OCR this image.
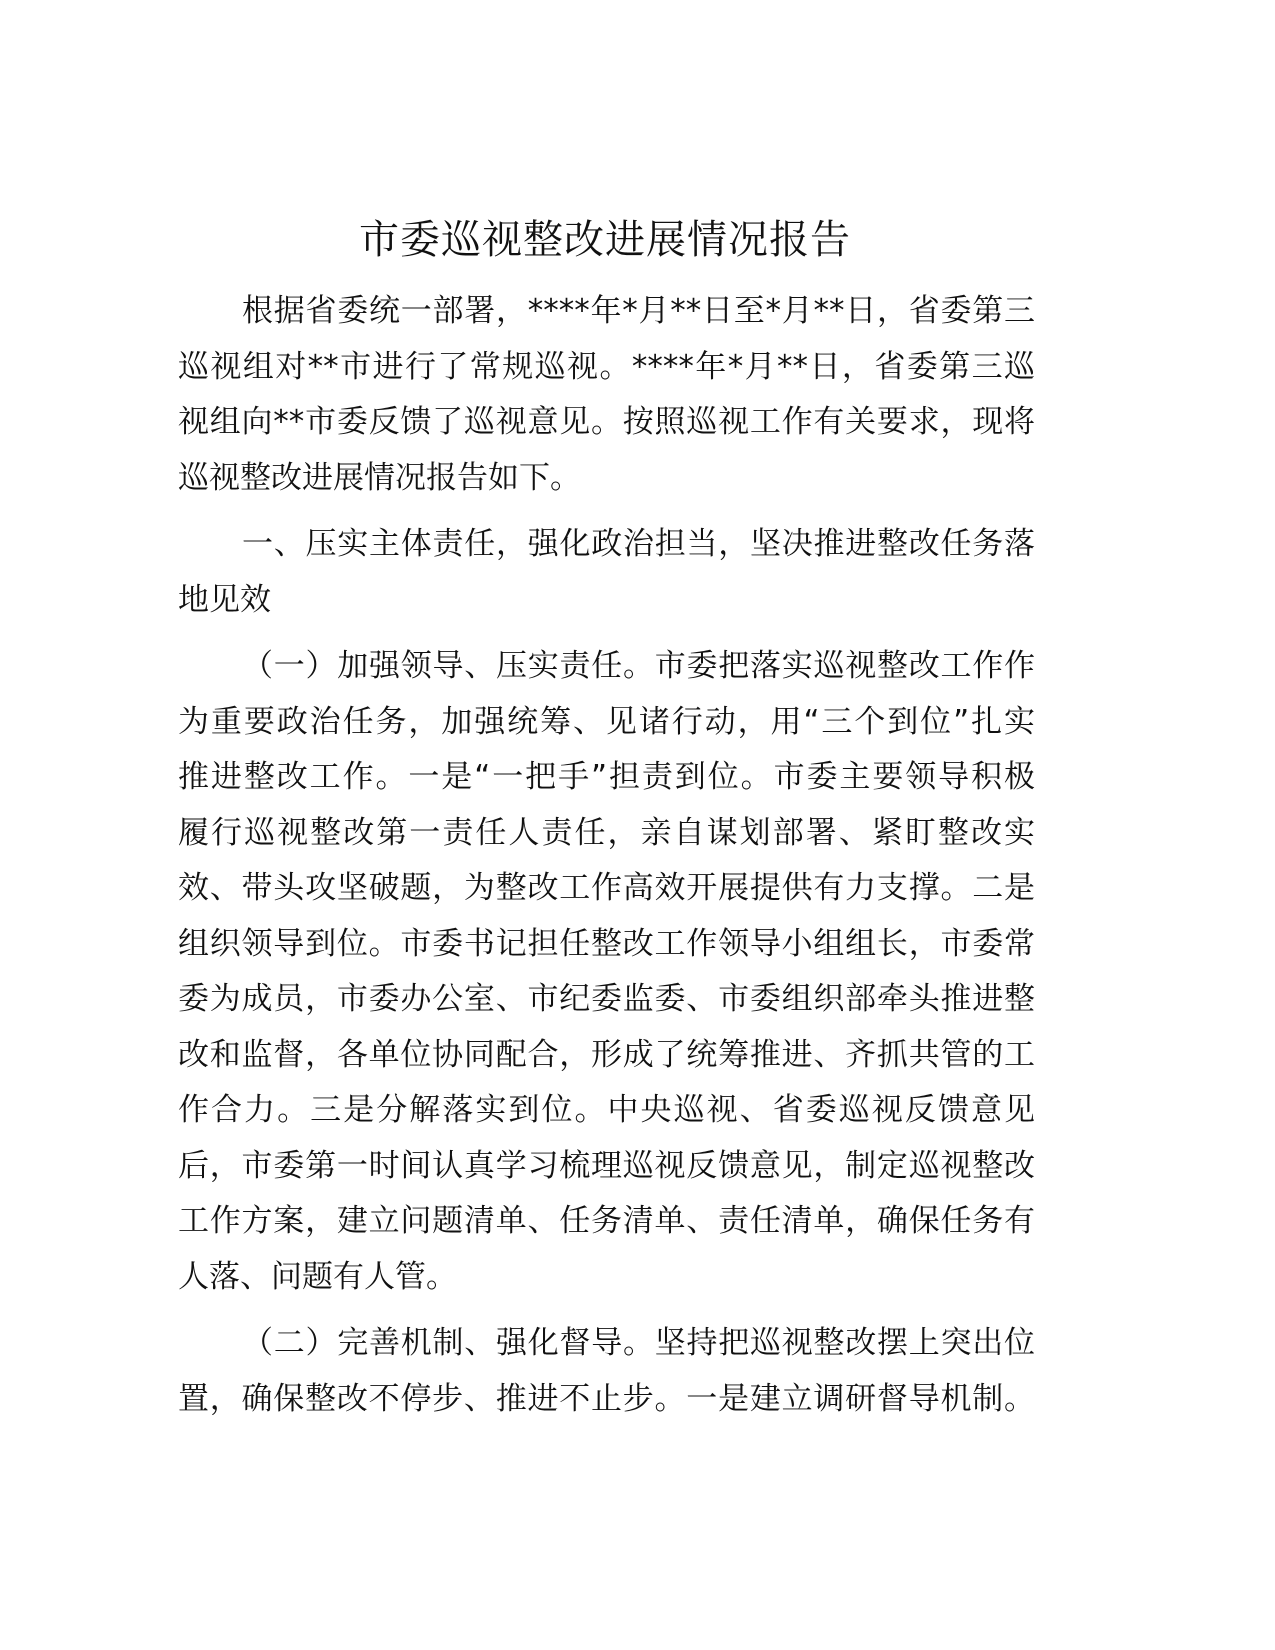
市委巡视整改进展情况报告
根据省委统一部署，****年*月**日至*月**日，省委第三
巡视组对**市进行了常规巡视。****年*月**日，省委第三巡
视组向**市委反馈了巡视意见。按照巡视工作有关要求，现将
巡视整改进展情况报告如下。
一、压实主体责任，强化政治担当，坚决推进整改任务落
地见效
（一）加强领导、压实责任。市委把落实巡视整改工作作
为重要政治任务，加强统筹、见诸行动，用“三个到位”扎实
推进整改工作。一是“一把手”担责到位。市委主要领导积极
履行巡视整改第一责任人责任，亲自谋划部署、紧盯整改实
效、带头攻坚破题，为整改工作高效开展提供有力支撑。二是
组织领导到位。市委书记担任整改工作领导小组组长，市委常
委为成员，市委办公室、市纪委监委、市委组织部牵头推进整
改和监督，各单位协同配合，形成了统筹推进、齐抓共管的工
作合力。三是分解落实到位。中央巡视、省委巡视反馈意见
后，市委第一时间认真学习梳理巡视反馈意见，制定巡视整改
工作方案，建立问题清单、任务清单、责任清单，确保任务有
人落、问题有人管。
（二）完善机制、强化督导。坚持把巡视整改摆上突出位
置，确保整改不停步、推进不止步。一是建立调研督导机制。
